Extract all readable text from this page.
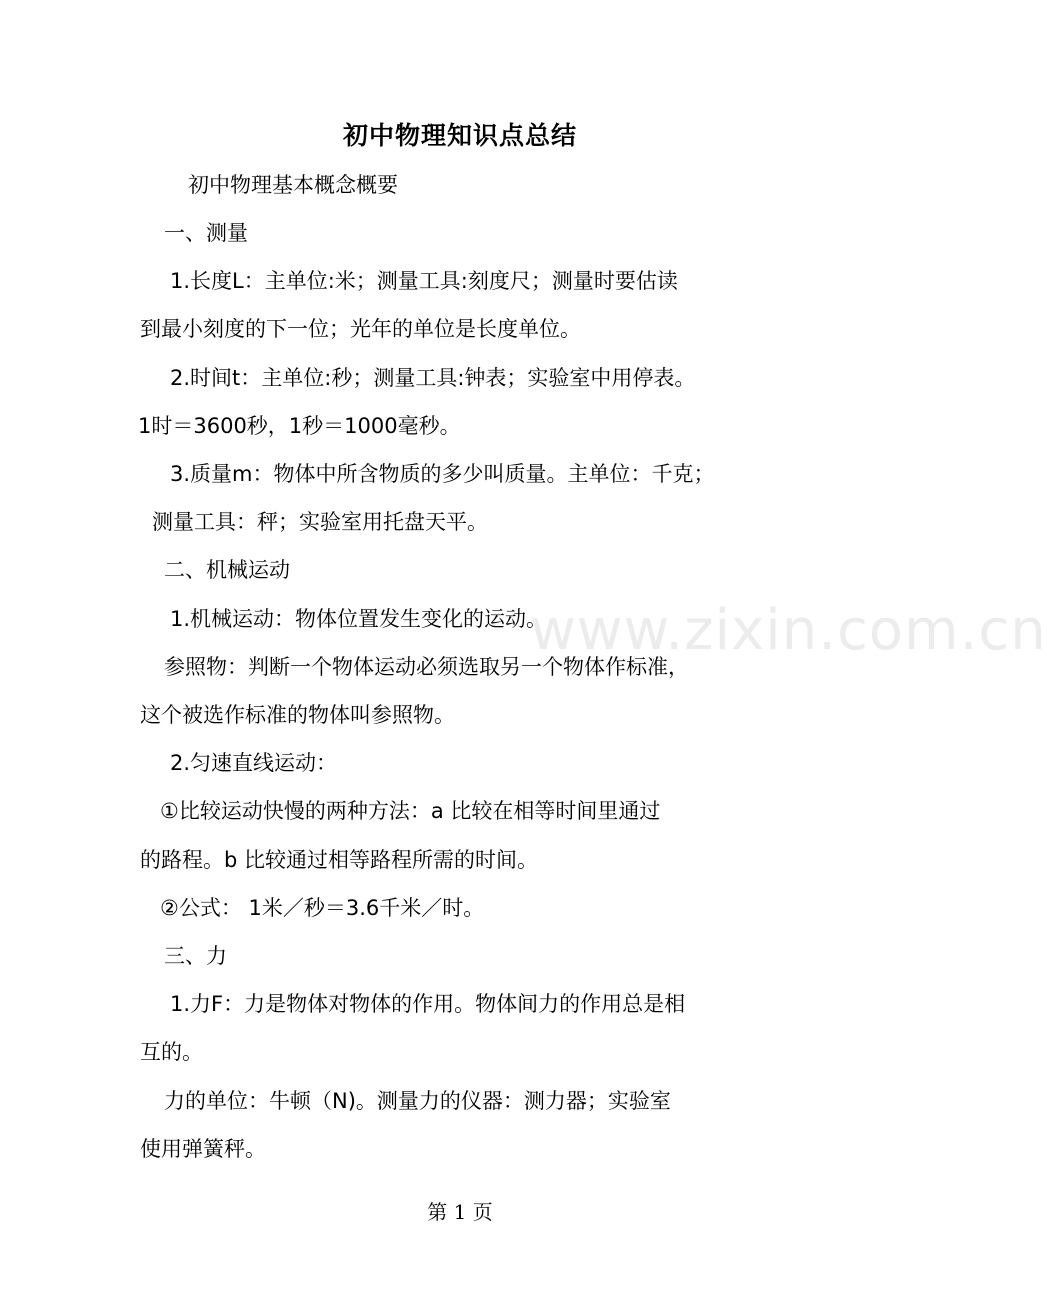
www.zixin.com.cn
初中物理知识点总结
初中物理基本概念概要
一、测量
1.长度L：主单位:米；测量工具:刻度尺；测量时要估读
到最小刻度的下一位；光年的单位是长度单位。
2.时间t：主单位:秒；测量工具:钟表；实验室中用停表。
1时＝3600秒，1秒＝1000毫秒。
3.质量m：物体中所含物质的多少叫质量。主单位：千克；
测量工具：秤；实验室用托盘天平。
二、机械运动
1.机械运动：物体位置发生变化的运动。
参照物：判断一个物体运动必须选取另一个物体作标准，
这个被选作标准的物体叫参照物。
2.匀速直线运动：
①比较运动快慢的两种方法：a 比较在相等时间里通过
的路程。b 比较通过相等路程所需的时间。
②公式： 1米／秒＝3.6千米／时。
三、力
1.力F：力是物体对物体的作用。物体间力的作用总是相
互的。
力的单位：牛顿（N)。测量力的仪器：测力器；实验室
使用弹簧秤。
第 1 页
